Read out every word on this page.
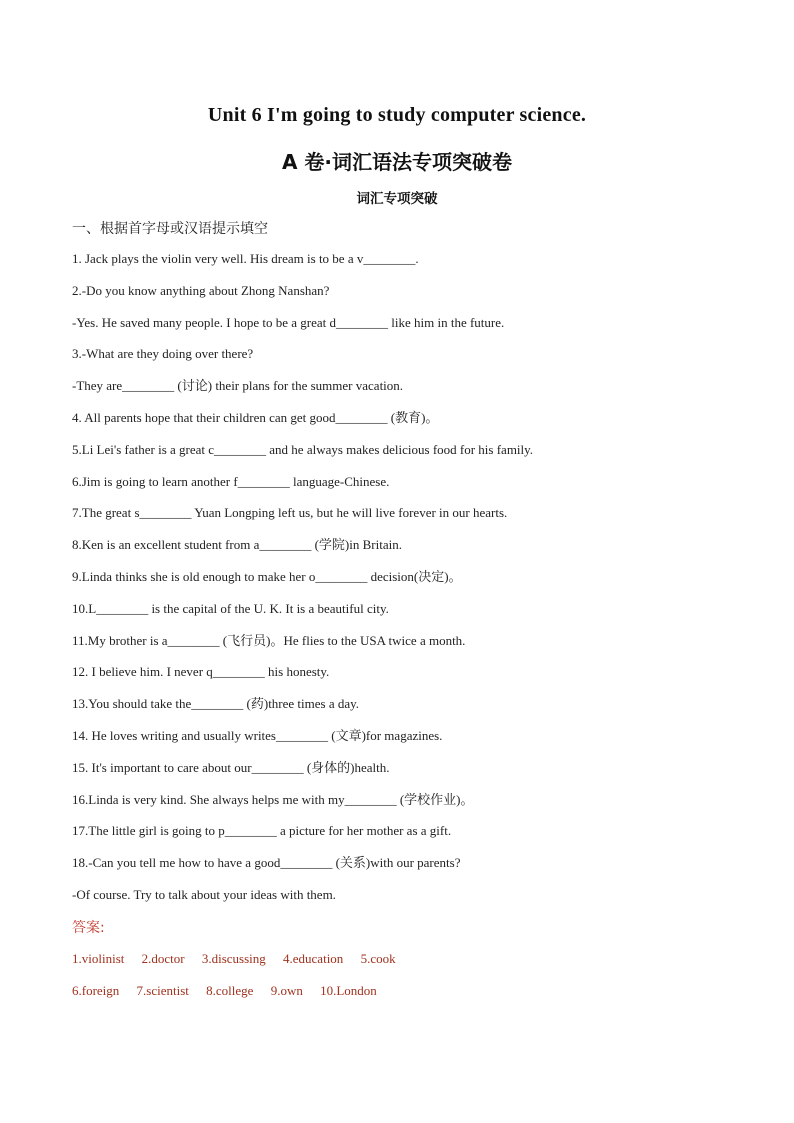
Unit 6 I'm going to study computer science.
A 卷·词汇语法专项突破卷
词汇专项突破
一、根据首字母或汉语提示填空
1. Jack plays the violin very well. His dream is to be a v________.
2.-Do you know anything about Zhong Nanshan?
-Yes. He saved many people. I hope to be a great d________ like him in the future.
3.-What are they doing over there?
-They are________ (讨论) their plans for the summer vacation.
4. All parents hope that their children can get good________ (教育)。
5.Li Lei's father is a great c________ and he always makes delicious food for his family.
6.Jim is going to learn another f________ language-Chinese.
7.The great s________ Yuan Longping left us, but he will live forever in our hearts.
8.Ken is an excellent student from a________ (学院)in Britain.
9.Linda thinks she is old enough to make her o________ decision(决定)。
10.L________ is the capital of the U. K. It is a beautiful city.
11.My brother is a________ (飞行员)。He flies to the USA twice a month.
12. I believe him. I never q________ his honesty.
13.You should take the________ (药)three times a day.
14. He loves writing and usually writes________ (文章)for magazines.
15. It's important to care about our________ (身体的)health.
16.Linda is very kind. She always helps me with my________ (学校作业)。
17.The little girl is going to p________ a picture for her mother as a gift.
18.-Can you tell me how to have a good________ (关系)with our parents?
-Of course. Try to talk about your ideas with them.
答案:
1.violinist 2.doctor 3.discussing 4.education 5.cook
6.foreign 7.scientist 8.college 9.own 10.London
